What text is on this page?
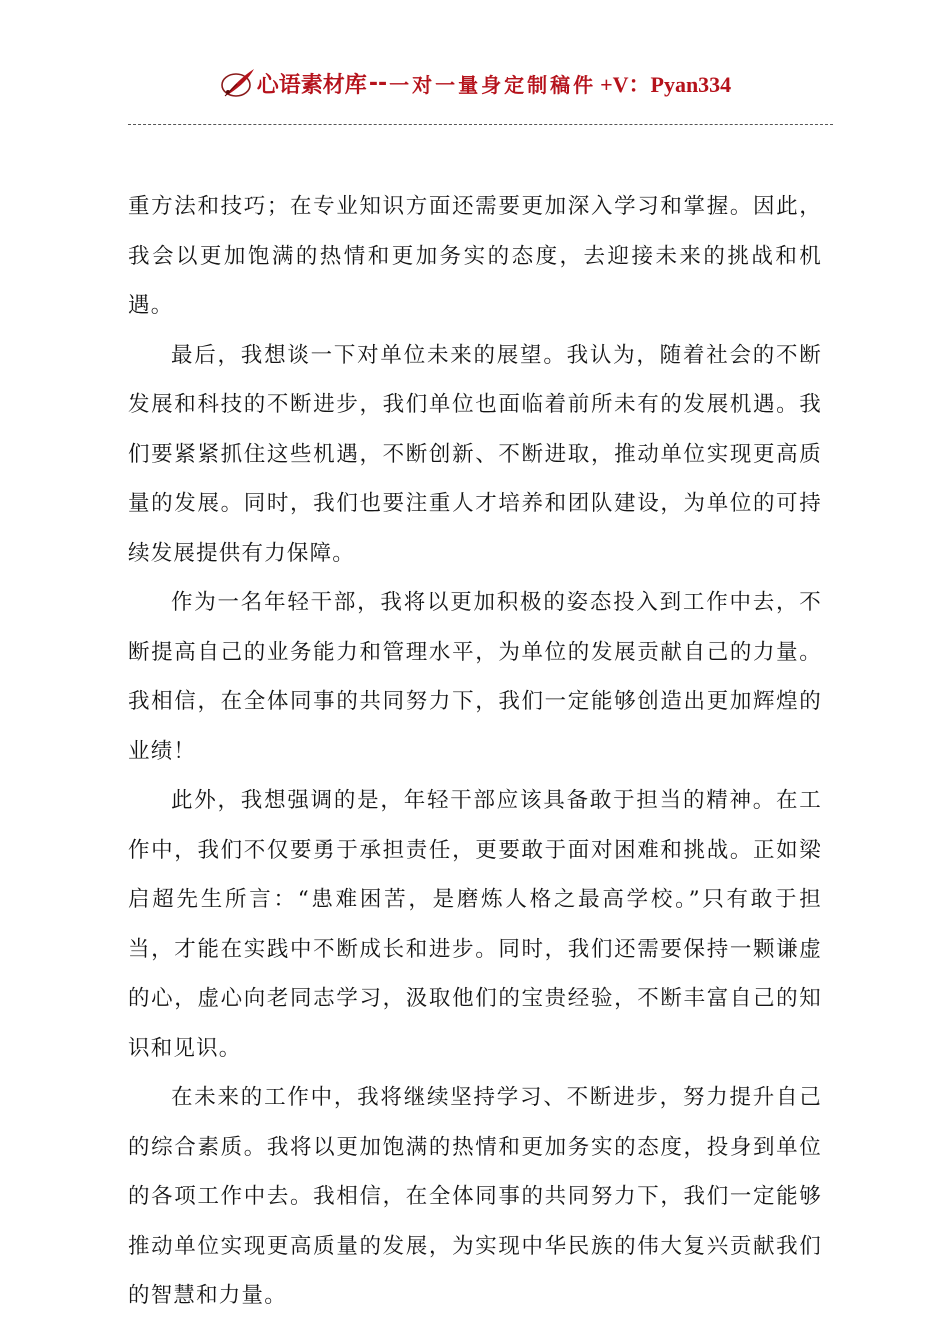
心语素材库 -- 一对一量身定制稿件 +V：Pyan334

重方法和技巧；在专业知识方面还需要更加深入学习和掌握。因此，我会以更加饱满的热情和更加务实的态度，去迎接未来的挑战和机遇。

最后，我想谈一下对单位未来的展望。我认为，随着社会的不断发展和科技的不断进步，我们单位也面临着前所未有的发展机遇。我们要紧紧抓住这些机遇，不断创新、不断进取，推动单位实现更高质量的发展。同时，我们也要注重人才培养和团队建设，为单位的可持续发展提供有力保障。

作为一名年轻干部，我将以更加积极的姿态投入到工作中去，不断提高自己的业务能力和管理水平，为单位的发展贡献自己的力量。我相信，在全体同事的共同努力下，我们一定能够创造出更加辉煌的业绩！

此外，我想强调的是，年轻干部应该具备敢于担当的精神。在工作中，我们不仅要勇于承担责任，更要敢于面对困难和挑战。正如梁启超先生所言：“患难困苦，是磨炼人格之最高学校。”只有敢于担当，才能在实践中不断成长和进步。同时，我们还需要保持一颗谦虚的心，虚心向老同志学习，汲取他们的宝贵经验，不断丰富自己的知识和见识。

在未来的工作中，我将继续坚持学习、不断进步，努力提升自己的综合素质。我将以更加饱满的热情和更加务实的态度，投身到单位的各项工作中去。我相信，在全体同事的共同努力下，我们一定能够推动单位实现更高质量的发展，为实现中华民族的伟大复兴贡献我们的智慧和力量。
